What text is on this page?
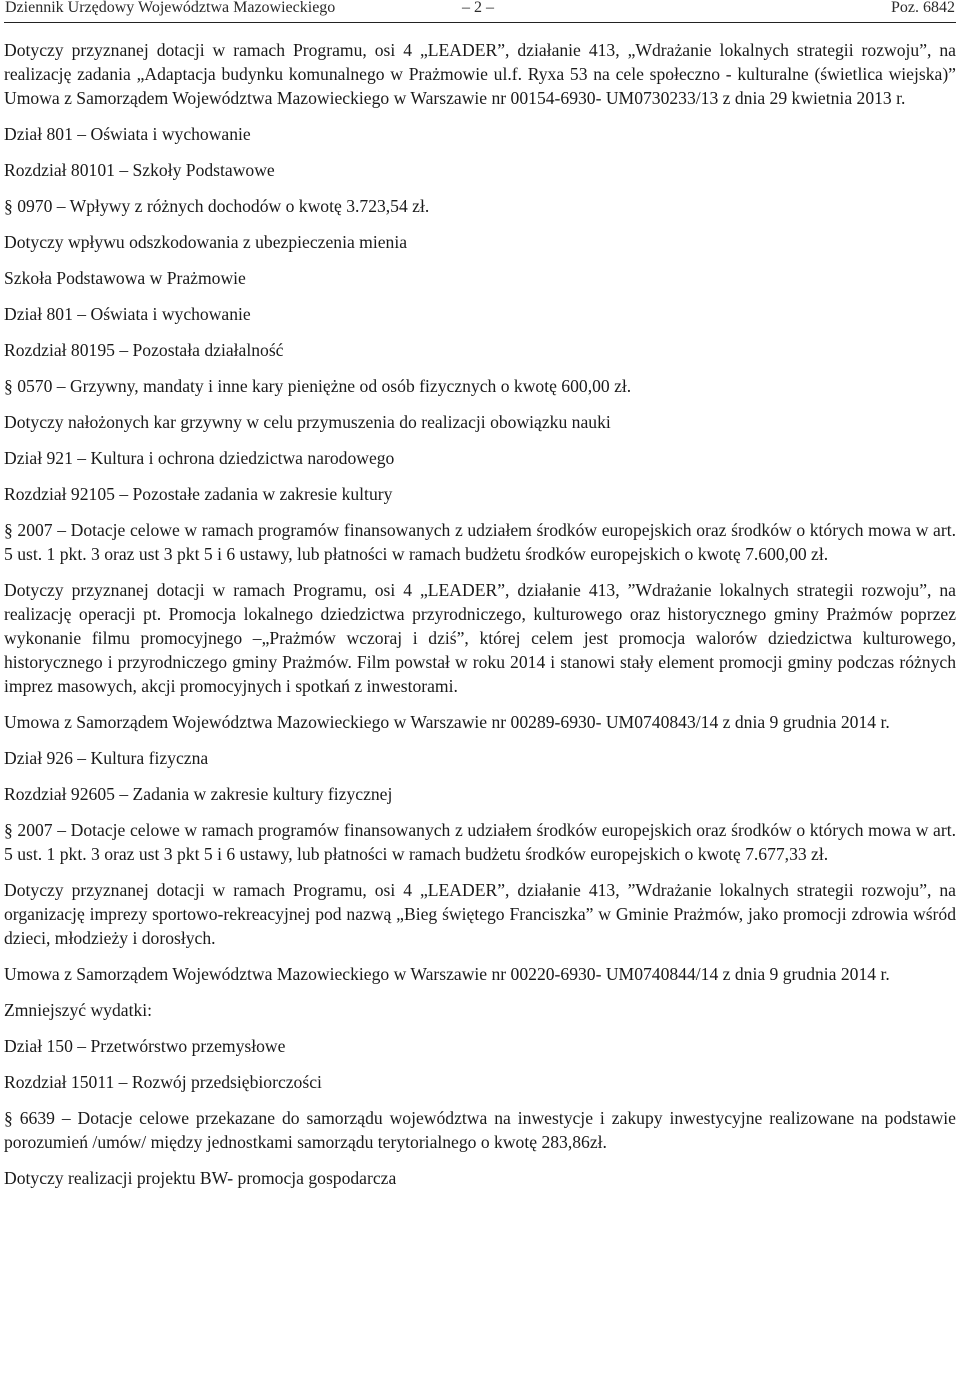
Dziennik Urzędowy Województwa Mazowieckiego	– 2 –	Poz. 6842

Dotyczy przyznanej dotacji w ramach Programu, osi 4 „LEADER”, działanie 413, „Wdrażanie lokalnych strategii rozwoju”, na realizację zadania „Adaptacja budynku komunalnego w Prażmowie ul.f. Ryxa 53 na cele społeczno - kulturalne (świetlica wiejska)” Umowa z Samorządem Województwa Mazowieckiego w Warszawie nr 00154-6930- UM0730233/13 z dnia 29 kwietnia 2013 r.

Dział 801 – Oświata i wychowanie

Rozdział 80101 – Szkoły Podstawowe

§ 0970 – Wpływy z różnych dochodów o kwotę 3.723,54 zł.

Dotyczy wpływu odszkodowania z ubezpieczenia mienia

Szkoła Podstawowa w Prażmowie

Dział 801 – Oświata i wychowanie

Rozdział 80195 – Pozostała działalność

§ 0570 – Grzywny, mandaty i inne kary pieniężne od osób fizycznych o kwotę 600,00 zł.

Dotyczy nałożonych kar grzywny w celu przymuszenia do realizacji obowiązku nauki

Dział 921 – Kultura i ochrona dziedzictwa narodowego

Rozdział 92105 – Pozostałe zadania w zakresie kultury

§ 2007 – Dotacje celowe w ramach programów finansowanych z udziałem środków europejskich oraz środków o których mowa w art. 5 ust. 1 pkt. 3 oraz ust 3 pkt 5 i 6 ustawy, lub płatności w ramach budżetu środków europejskich o kwotę 7.600,00 zł.

Dotyczy przyznanej dotacji w ramach Programu, osi 4 „LEADER”, działanie 413, ”Wdrażanie lokalnych strategii rozwoju”, na realizację operacji pt. Promocja lokalnego dziedzictwa przyrodniczego, kulturowego oraz historycznego gminy Prażmów poprzez wykonanie filmu promocyjnego –„Prażmów wczoraj i dziś”, której celem jest promocja walorów dziedzictwa kulturowego, historycznego i przyrodniczego gminy Prażmów. Film powstał w roku 2014 i stanowi stały element promocji gminy podczas różnych imprez masowych, akcji promocyjnych i spotkań z inwestorami.

Umowa z Samorządem Województwa Mazowieckiego w Warszawie nr 00289-6930- UM0740843/14 z dnia 9 grudnia 2014 r.

Dział 926 – Kultura fizyczna

Rozdział 92605 – Zadania w zakresie kultury fizycznej

§ 2007 – Dotacje celowe w ramach programów finansowanych z udziałem środków europejskich oraz środków o których mowa w art. 5 ust. 1 pkt. 3 oraz ust 3 pkt 5 i 6 ustawy, lub płatności w ramach budżetu środków europejskich o kwotę 7.677,33 zł.

Dotyczy przyznanej dotacji w ramach Programu, osi 4 „LEADER”, działanie 413, ”Wdrażanie lokalnych strategii rozwoju”, na organizację imprezy sportowo-rekreacyjnej pod nazwą „Bieg świętego Franciszka” w Gminie Prażmów, jako promocji zdrowia wśród dzieci, młodzieży i dorosłych.

Umowa z Samorządem Województwa Mazowieckiego w Warszawie nr 00220-6930- UM0740844/14 z dnia 9 grudnia 2014 r.

Zmniejszyć wydatki:

Dział 150 – Przetwórstwo przemysłowe

Rozdział 15011 – Rozwój przedsiębiorczości

§ 6639 – Dotacje celowe przekazane do samorządu województwa na inwestycje i zakupy inwestycyjne realizowane na podstawie porozumień /umów/ między jednostkami samorządu terytorialnego o kwotę 283,86zł.

Dotyczy realizacji projektu BW- promocja gospodarcza
